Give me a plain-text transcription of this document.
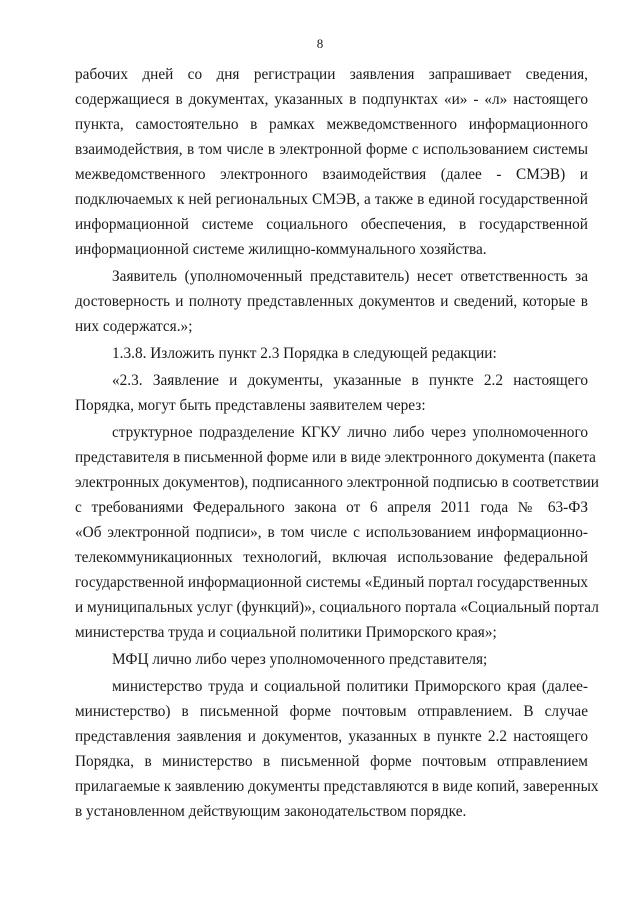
8
рабочих дней со дня регистрации заявления запрашивает сведения,
содержащиеся в документах, указанных в подпунктах «и» - «л» настоящего
пункта, самостоятельно в рамках межведомственного информационного
взаимодействия, в том числе в электронной форме с использованием системы
межведомственного электронного взаимодействия (далее - СМЭВ) и
подключаемых к ней региональных СМЭВ, а также в единой государственной
информационной системе социального обеспечения, в государственной
информационной системе жилищно-коммунального хозяйства.
Заявитель (уполномоченный представитель) несет ответственность за
достоверность и полноту представленных документов и сведений, которые в
них содержатся.»;
1.3.8. Изложить пункт 2.3 Порядка в следующей редакции:
«2.3. Заявление и документы, указанные в пункте 2.2 настоящего
Порядка, могут быть представлены заявителем через:
структурное подразделение КГКУ лично либо через уполномоченного
представителя в письменной форме или в виде электронного документа (пакета
электронных документов), подписанного электронной подписью в соответствии
с требованиями Федерального закона от 6 апреля 2011 года № 63-ФЗ
«Об электронной подписи», в том числе с использованием информационно-
телекоммуникационных технологий, включая использование федеральной
государственной информационной системы «Единый портал государственных
и муниципальных услуг (функций)», социального портала «Социальный портал
министерства труда и социальной политики Приморского края»;
МФЦ лично либо через уполномоченного представителя;
министерство труда и социальной политики Приморского края (далее-
министерство) в письменной форме почтовым отправлением. В случае
представления заявления и документов, указанных в пункте 2.2 настоящего
Порядка, в министерство в письменной форме почтовым отправлением
прилагаемые к заявлению документы представляются в виде копий, заверенных
в установленном действующим законодательством порядке.
